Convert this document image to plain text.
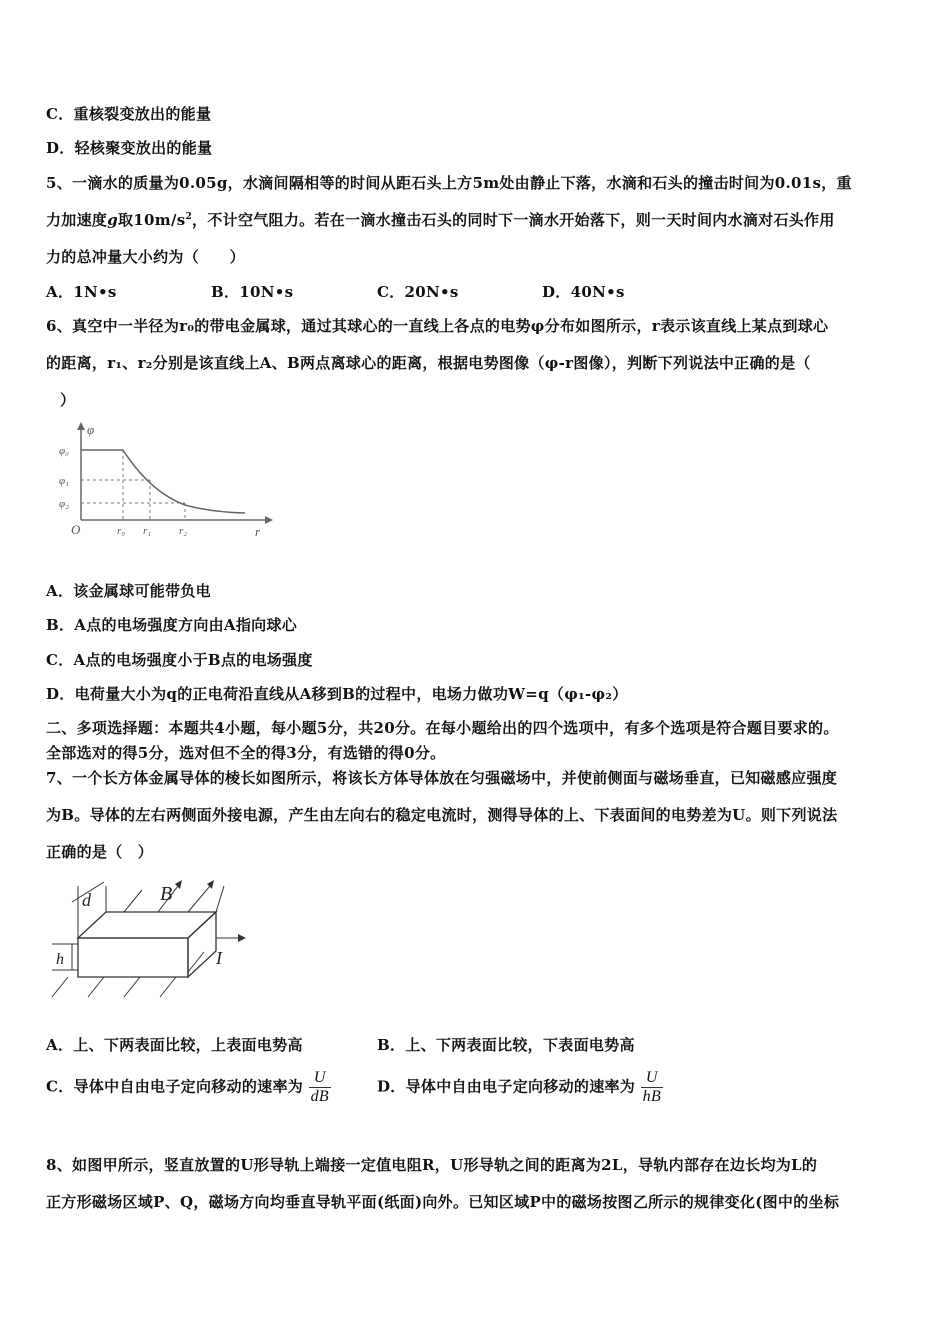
C．重核裂变放出的能量
D．轻核聚变放出的能量
5、一滴水的质量为0.05g，水滴间隔相等的时间从距石头上方5m处由静止下落，水滴和石头的撞击时间为0.01s，重
力加速度g取$10m/s^2$，不计空气阻力。若在一滴水撞击石头的同时下一滴水开始落下，则一天时间内水滴对石头作用
力的总冲量大小约为（　　）
A．1N•s	B．10N•s	C．20N•s	D．40N•s
6、真空中一半径为r₀的带电金属球，通过其球心的一直线上各点的电势φ分布如图所示，r表示该直线上某点到球心
的距离，r₁、r₂分别是该直线上A、B两点离球心的距离，根据电势图像（φ-r图像），判断下列说法中正确的是（
）
φ
r
O
φ₀
φ₁
φ₂
r₀ r₁	r₂
A．该金属球可能带负电
B．A点的电场强度方向由A指向球心
C．A点的电场强度小于B点的电场强度
D．电荷量大小为q的正电荷沿直线从A移到B的过程中，电场力做功W=q（φ₁-φ₂）
二、多项选择题：本题共4小题，每小题5分，共20分。在每小题给出的四个选项中，有多个选项是符合题目要求的。
全部选对的得5分，选对但不全的得3分，有选错的得0分。
7、一个长方体金属导体的棱长如图所示，将该长方体导体放在匀强磁场中，并使前侧面与磁场垂直，已知磁感应强度
为B。导体的左右两侧面外接电源，产生由左向右的稳定电流时，测得导体的上、下表面间的电势差为U。则下列说法
正确的是（　）
d	B
h	I
A．上、下两表面比较，上表面电势高	B．上、下两表面比较，下表面电势高
C．导体中自由电子定向移动的速率为 $\frac{U}{dB}$	D．导体中自由电子定向移动的速率为 $\frac{U}{hB}$
8、如图甲所示，竖直放置的U形导轨上端接一定值电阻R，U形导轨之间的距离为2L，导轨内部存在边长均为L的
正方形磁场区域P、Q，磁场方向均垂直导轨平面(纸面)向外。已知区域P中的磁场按图乙所示的规律变化(图中的坐标
